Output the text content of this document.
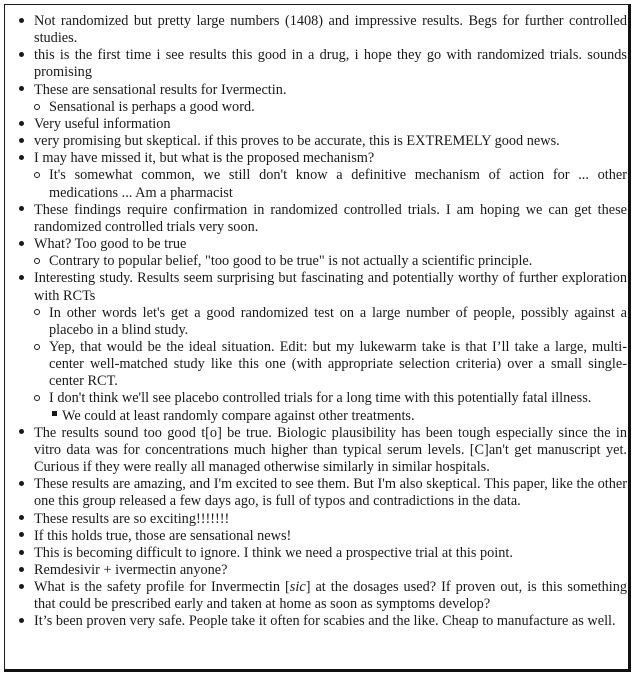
Not randomized but pretty large numbers (1408) and impressive results. Begs for further controlled studies.
this is the first time i see results this good in a drug, i hope they go with randomized trials. sounds promising
These are sensational results for Ivermectin.
Sensational is perhaps a good word.
Very useful information
very promising but skeptical. if this proves to be accurate, this is EXTREMELY good news.
I may have missed it, but what is the proposed mechanism?
It's somewhat common, we still don't know a definitive mechanism of action for ... other medications ... Am a pharmacist
These findings require confirmation in randomized controlled trials. I am hoping we can get these randomized controlled trials very soon.
What? Too good to be true
Contrary to popular belief, "too good to be true" is not actually a scientific principle.
Interesting study. Results seem surprising but fascinating and potentially worthy of further exploration with RCTs
In other words let's get a good randomized test on a large number of people, possibly against a placebo in a blind study.
Yep, that would be the ideal situation. Edit: but my lukewarm take is that I’ll take a large, multi-center well-matched study like this one (with appropriate selection criteria) over a small single-center RCT.
I don't think we'll see placebo controlled trials for a long time with this potentially fatal illness.
We could at least randomly compare against other treatments.
The results sound too good t[o] be true. Biologic plausibility has been tough especially since the in vitro data was for concentrations much higher than typical serum levels. [C]an't get manuscript yet. Curious if they were really all managed otherwise similarly in similar hospitals.
These results are amazing, and I'm excited to see them. But I'm also skeptical. This paper, like the other one this group released a few days ago, is full of typos and contradictions in the data.
These results are so exciting!!!!!!!
If this holds true, those are sensational news!
This is becoming difficult to ignore. I think we need a prospective trial at this point.
Remdesivir + ivermectin anyone?
What is the safety profile for Invermectin [sic] at the dosages used? If proven out, is this something that could be prescribed early and taken at home as soon as symptoms develop?
It’s been proven very safe. People take it often for scabies and the like. Cheap to manufacture as well.
